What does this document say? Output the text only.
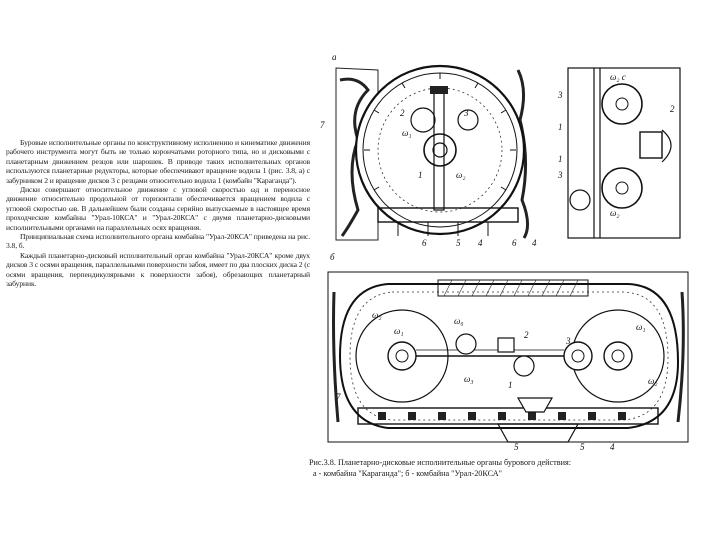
Буровые исполнительные органы по конструктивному исполнению и кинематике движения рабочего инструмента могут быть не только корончатыми роторного типа, но и дисковыми с планетарным движением резцов или шарошек. В приводе таких исполнительных органов используются планетарные редукторы, которые обеспечивают вращение водила 1 (рис. 3.8, а) с забурником 2 и вращение дисков 3 с резцами относительно водила 1 (комбайн "Караганда").

Диски совершают относительное движение с угловой скоростью ωд и переносное движение относительно продольной от горизонтали обеспечивается вращением водила с угловой скоростью ωв. В дальнейшем были созданы серийно выпускаемые в настоящее время проходческие комбайны "Урал-10КСА" и "Урал-20КСА" с двумя планетарно-дисковыми исполнительными органами на параллельных осях вращения.

Принципиальная схема исполнительного органа комбайна "Урал-20КСА" приведена на рис. 3.8, б.

Каждый планетарно-дисковый исполнительный орган комбайна "Урал-20КСА" кроме двух дисков 3 с осями вращения, параллельными поверхности забоя, имеет по два плоских диска 2 (с осями вращения, перпендикулярными к поверхности забоя), обрезающих планетарный забурник.

а
7
2	3
1
ω₁
ω₂
6	5 4	6 4
3
1
2
1
3
ω₂ с
ω₂
б
ω₂
ω₁
ω₀
ω₃
1
2
3
7
5	5	4
ω₁
ω₂
Рис.3.8. Планетарно-дисковые исполнительные органы бурового действия:
а - комбайна "Караганда"; б - комбайна "Урал-20КСА"
